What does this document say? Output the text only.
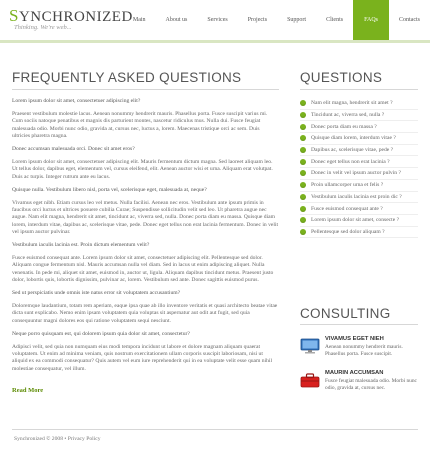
SYNCHRONIZED
Thinking. We're web...
Main	About us	Services	Projects	Support	Clients	FAQs	Contacts
FREQUENTLY ASKED QUESTIONS

Lorem ipsum dolor sit amet, consectetuer adipiscing elit?

Praesent vestibulum molestie lacus. Aenean nonummy hendrerit mauris. Phasellus porta. Fusce suscipit varius mi. Cum sociis natoque penatibus et magnis dis parturient montes, nascetur ridiculus mus. Nulla dui. Fusce feugiat malesuada odio. Morbi nunc odio, gravida at, cursus nec, luctus a, lorem. Maecenas tristique orci ac sem. Duis ultricies pharetra magna.

Donec accumsan malesuada orci. Donec sit amet eros?

Lorem ipsum dolor sit amet, consectetuer adipiscing elit. Mauris fermentum dictum magna. Sed laoreet aliquam leo. Ut tellus dolor, dapibus eget, elementum vel, cursus eleifend, elit. Aenean auctor wisi et urna. Aliquam erat volutpat. Duis ac turpis. Integer rutrum ante eu lacus.

Quisque nulla. Vestibulum libero nisl, porta vel, scelerisque eget, malesuada at, neque?

Vivamus eget nibh. Etiam cursus leo vel metus. Nulla facilisi. Aenean nec eros. Vestibulum ante ipsum primis in faucibus orci luctus et ultrices posuere cubilia Curae; Suspendisse sollicitudin velit sed leo. Ut pharetra augue nec augue. Nam elit magna, hendrerit sit amet, tincidunt ac, viverra sed, nulla. Donec porta diam eu massa. Quisque diam lorem, interdum vitae, dapibus ac, scelerisque vitae, pede. Donec eget tellus non erat lacinia fermentum. Donec in velit vel ipsum auctor pulvinar.

Vestibulum iaculis lacinia est. Proin dictum elementum velit?

Fusce euismod consequat ante. Lorem ipsum dolor sit amet, consectetuer adipiscing elit. Pellentesque sed dolor. Aliquam congue fermentum nisl. Mauris accumsan nulla vel diam. Sed in lacus ut enim adipiscing aliquet. Nulla venenatis. In pede mi, aliquet sit amet, euismod in, auctor ut, ligula. Aliquam dapibus tincidunt metus. Praesent justo dolor, lobortis quis, lobortis dignissim, pulvinar ac, lorem. Vestibulum sed ante. Donec sagittis euismod purus.

Sed ut perspiciatis unde omnis iste natus error sit voluptatem accusantium?

Doloremque laudantium, totam rem aperiam, eaque ipsa quae ab illo inventore veritatis et quasi architecto beatae vitae dicta sunt explicabo. Nemo enim ipsam voluptatem quia voluptas sit aspernatur aut odit aut fugit, sed quia consequuntur magni dolores eos qui ratione voluptatem sequi nesciunt.

Neque porro quisquam est, qui dolorem ipsum quia dolor sit amet, consectetur?

Adipisci velit, sed quia non numquam eius modi tempora incidunt ut labore et dolore magnam aliquam quaerat voluptatem. Ut enim ad minima veniam, quis nostrum exercitationem ullam corporis suscipit laboriosam, nisi ut aliquid ex ea commodi consequatur? Quis autem vel eum iure reprehenderit qui in ea voluptate velit esse quam nihil molestiae consequatur, vel illum.

Read More
QUESTIONS
Nam elit magna, hendrerit sit amet ?
Tincidunt ac, viverra sed, nulla ?
Donec porta diam eu massa ?
Quisque diam lorem, interdum vitae ?
Dapibus ac, scelerisque vitae, pede ?
Donec eget tellus non erat lacinia ?
Donec in velit vel ipsum auctor pulvin ?
Proin ullamcorper urna et felis ?
Vestibulum iaculis lacinia est proin dic ?
Fusce euismod consequat ante ?
Lorem ipsum dolor sit amet, consecte ?
Pellentesque sed dolor aliquam ?
CONSULTING
VIVAMUS EGET NIEH
Aenean nonummy hendrerit mauris. Phasellus porta. Fusce suscipit.
MAURIN ACCUMSAN
Fusce feugiat malesuada odio. Morbi nunc odio, gravida at, cursus nec.
Synchronized © 2008 • Privacy Policy
